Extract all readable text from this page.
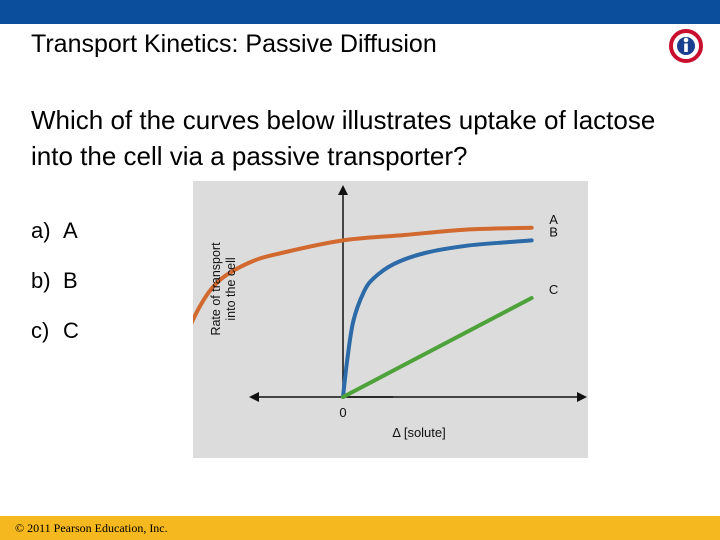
Transport Kinetics: Passive Diffusion
Which of the curves below illustrates uptake of lactose into the cell via a passive transporter?
a) A
b) B
c) C
A
B
C
0
Δ [solute]
Rate of transportinto the cell
© 2011 Pearson Education, Inc.
